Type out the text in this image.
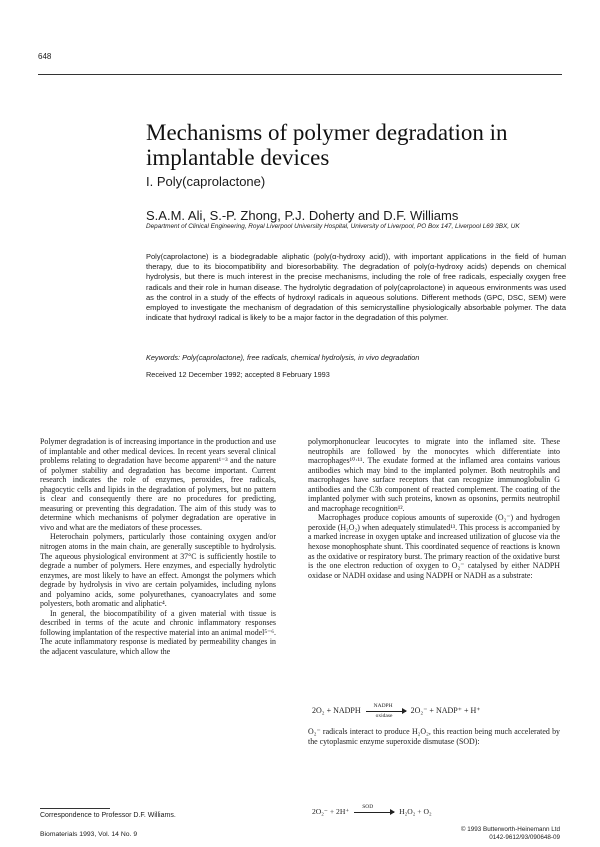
648
Mechanisms of polymer degradation in implantable devices
I. Poly(caprolactone)
S.A.M. Ali, S.-P. Zhong, P.J. Doherty and D.F. Williams
Department of Clinical Engineering, Royal Liverpool University Hospital, University of Liverpool, PO Box 147, Liverpool L69 3BX, UK
Poly(caprolactone) is a biodegradable aliphatic (poly(α-hydroxy acid)), with important applications in the field of human therapy, due to its biocompatibility and bioresorbability. The degradation of poly(α-hydroxy acids) depends on chemical hydrolysis, but there is much interest in the precise mechanisms, including the role of free radicals, especially oxygen free radicals and their role in human disease. The hydrolytic degradation of poly(caprolactone) in aqueous environments was used as the control in a study of the effects of hydroxyl radicals in aqueous solutions. Different methods (GPC, DSC, SEM) were employed to investigate the mechanism of degradation of this semicrystalline physiologically absorbable polymer. The data indicate that hydroxyl radical is likely to be a major factor in the degradation of this polymer.
Keywords: Poly(caprolactone), free radicals, chemical hydrolysis, in vivo degradation
Received 12 December 1992; accepted 8 February 1993

Polymer degradation is of increasing importance in the production and use of implantable and other medical devices. In recent years several clinical problems relating to degradation have become apparent¹⁻³ and the nature of polymer stability and degradation has become important. Current research indicates the role of enzymes, peroxides, free radicals, phagocytic cells and lipids in the degradation of polymers, but no pattern is clear and consequently there are no procedures for predicting, measuring or preventing this degradation. The aim of this study was to determine which mechanisms of polymer degradation are operative in vivo and what are the mediators of these processes.

Heterochain polymers, particularly those containing oxygen and/or nitrogen atoms in the main chain, are generally susceptible to hydrolysis. The aqueous physiological environment at 37°C is sufficiently hostile to degrade a number of polymers. Here enzymes, and especially hydrolytic enzymes, are most likely to have an effect. Amongst the polymers which degrade by hydrolysis in vivo are certain polyamides, including nylons and polyamino acids, some polyurethanes, cyanoacrylates and some polyesters, both aromatic and aliphatic⁴.

In general, the biocompatibility of a given material with tissue is described in terms of the acute and chronic inflammatory responses following implantation of the respective material into an animal model⁵⁻⁶. The acute inflammatory response is mediated by permeability changes in the adjacent vasculature, which allow the

polymorphonuclear leucocytes to migrate into the inflamed site. These neutrophils are followed by the monocytes which differentiate into macrophages¹⁰⋅¹¹. The exudate formed at the inflamed area contains various antibodies which may bind to the implanted polymer. Both neutrophils and macrophages have surface receptors that can recognize immunoglobulin G antibodies and the C3b component of reacted complement. The coating of the implanted polymer with such proteins, known as opsonins, permits neutrophil and macrophage recognition¹².

Macrophages produce copious amounts of superoxide (O₂⁻) and hydrogen peroxide (H₂O₂) when adequately stimulated¹³. This process is accompanied by a marked increase in oxygen uptake and increased utilization of glucose via the hexose monophosphate shunt. This coordinated sequence of reactions is known as the oxidative or respiratory burst. The primary reaction of the oxidative burst is the one electron reduction of oxygen to O₂⁻ catalysed by either NADPH oxidase or NADH oxidase and using NADPH or NADH as a substrate:

2O₂ + NADPH
NADPH
oxidase
2O₂⁻ + NADP⁺ + H⁺
O₂⁻ radicals interact to produce H₂O₂, this reaction being much accelerated by the cytoplasmic enzyme superoxide dismutase (SOD):
2O₂⁻ + 2H⁺
SOD
H₂O₂ + O₂
Correspondence to Professor D.F. Williams.
Biomaterials 1993, Vol. 14 No. 9
© 1993 Butterworth-Heinemann Ltd
0142-9612/93/090648-09
